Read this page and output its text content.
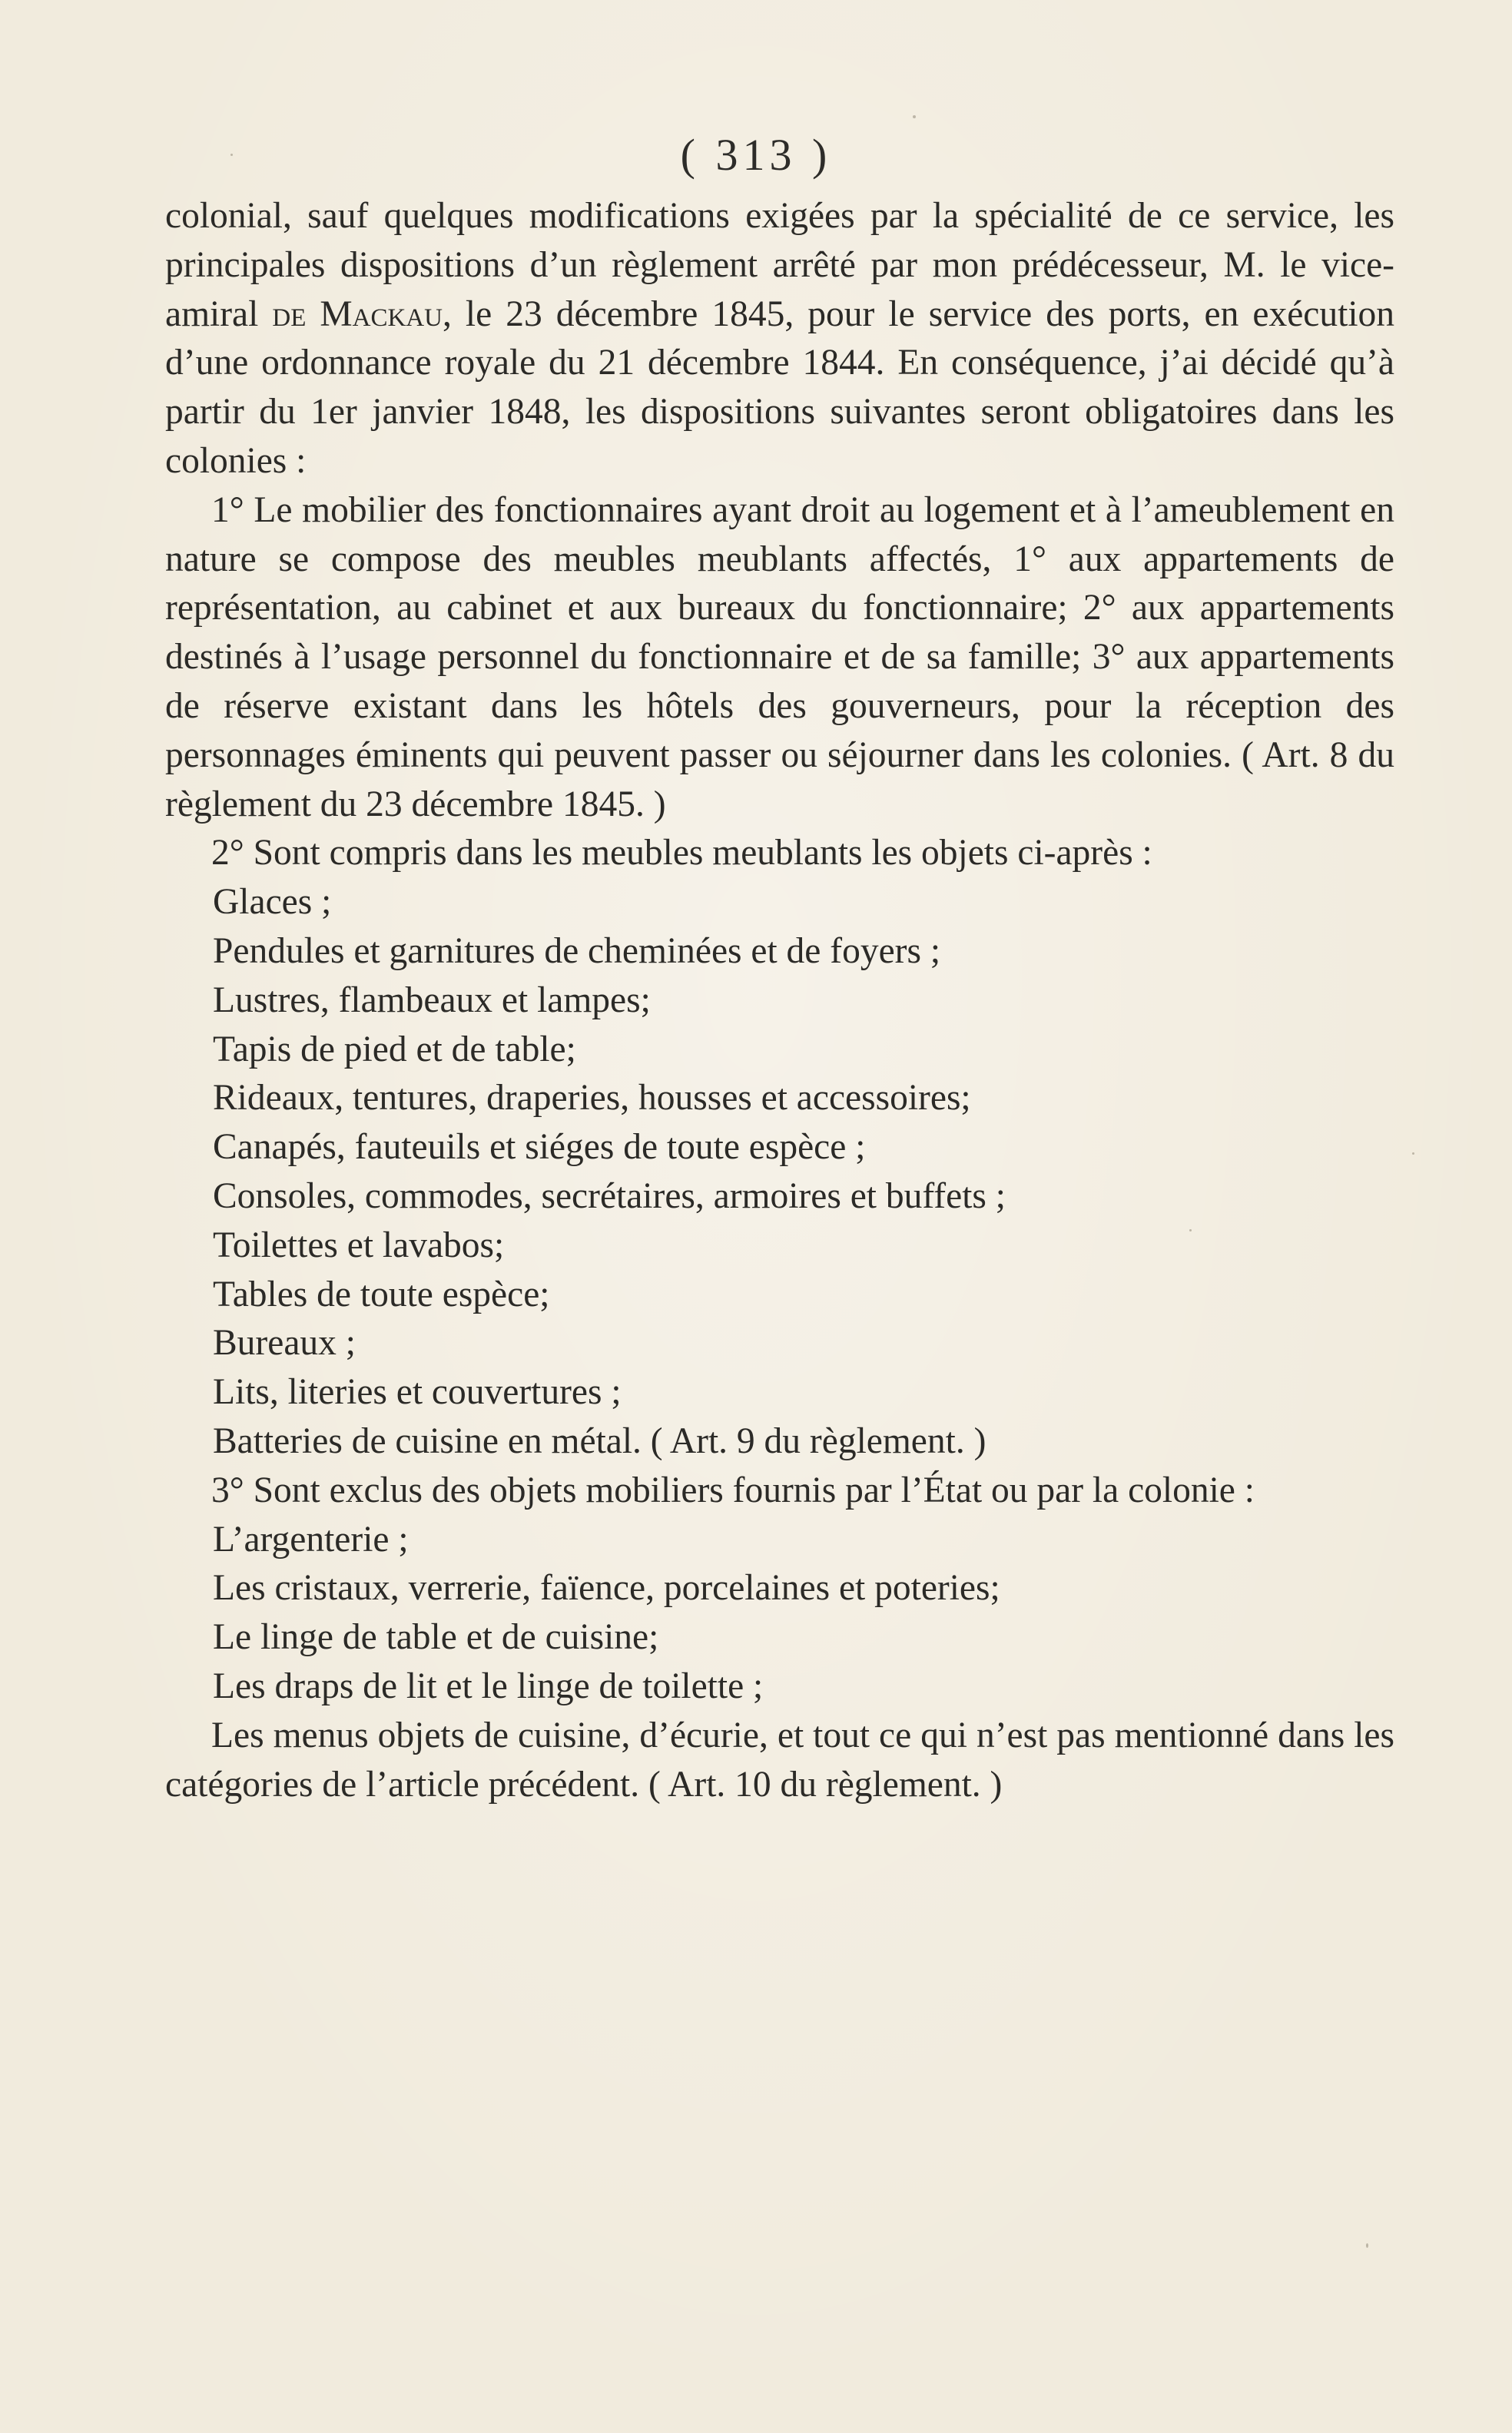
( 313 )

colonial, sauf quelques modifications exigées par la spécialité de ce service, les principales dispositions d’un règlement arrêté par mon prédécesseur, M. le vice-amiral de Mackau, le 23 décembre 1845, pour le service des ports, en exécution d’une ordonnance royale du 21 décembre 1844. En conséquence, j’ai décidé qu’à partir du 1er janvier 1848, les dispositions suivantes seront obligatoires dans les colonies :

1° Le mobilier des fonctionnaires ayant droit au logement et à l’ameublement en nature se compose des meubles meublants affectés, 1° aux appartements de représentation, au cabinet et aux bureaux du fonctionnaire; 2° aux appartements destinés à l’usage personnel du fonctionnaire et de sa famille; 3° aux appartements de réserve existant dans les hôtels des gouverneurs, pour la réception des personnages éminents qui peuvent passer ou séjourner dans les colonies. ( Art. 8 du règlement du 23 décembre 1845. )

2° Sont compris dans les meubles meublants les objets ci-après :

Glaces ;

Pendules et garnitures de cheminées et de foyers ;

Lustres, flambeaux et lampes;

Tapis de pied et de table;

Rideaux, tentures, draperies, housses et accessoires;

Canapés, fauteuils et siéges de toute espèce ;

Consoles, commodes, secrétaires, armoires et buffets ;

Toilettes et lavabos;

Tables de toute espèce;

Bureaux ;

Lits, literies et couvertures ;

Batteries de cuisine en métal. ( Art. 9 du règlement. )

3° Sont exclus des objets mobiliers fournis par l’État ou par la colonie :

L’argenterie ;

Les cristaux, verrerie, faïence, porcelaines et poteries;

Le linge de table et de cuisine;

Les draps de lit et le linge de toilette ;

Les menus objets de cuisine, d’écurie, et tout ce qui n’est pas mentionné dans les catégories de l’article précédent. ( Art. 10 du règlement. )
